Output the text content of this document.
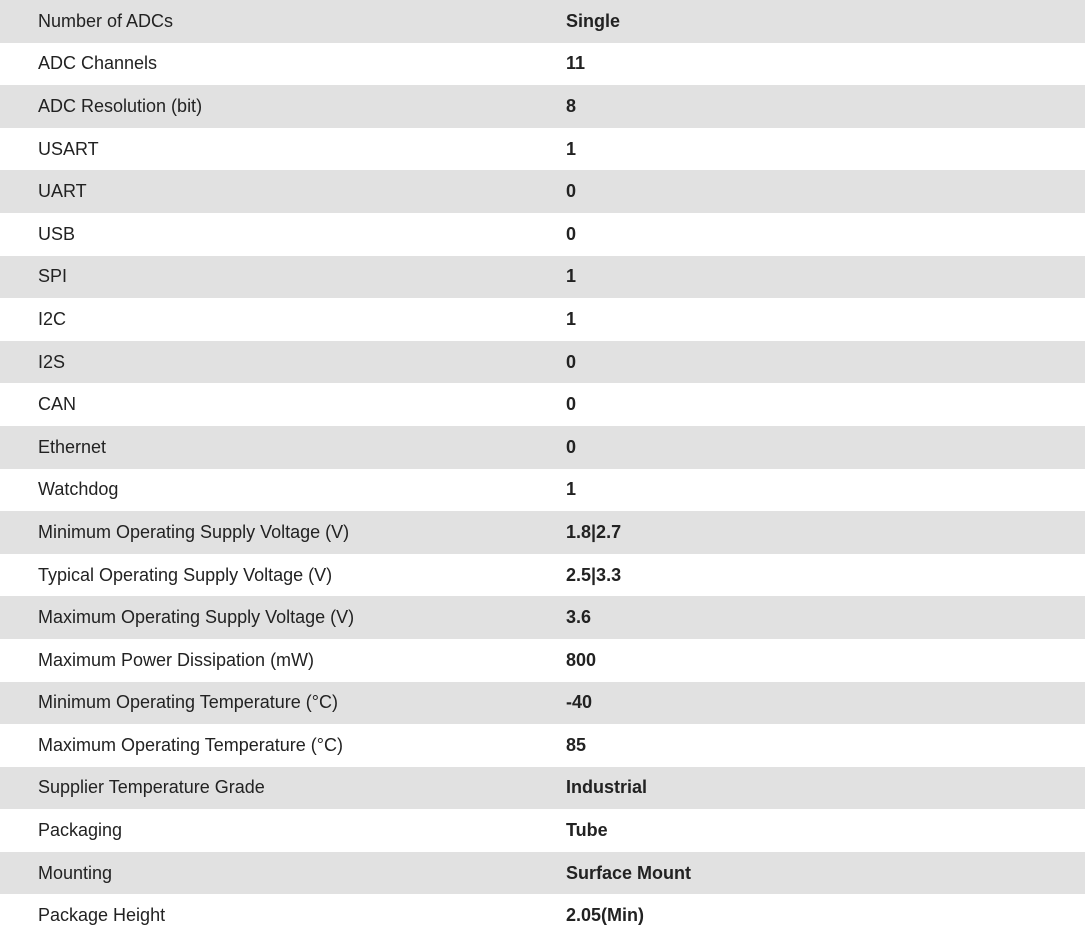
Number of ADCs	Single
ADC Channels	11
ADC Resolution (bit)	8
USART	1
UART	0
USB	0
SPI	1
I2C	1
I2S	0
CAN	0
Ethernet	0
Watchdog	1
Minimum Operating Supply Voltage (V)	1.8|2.7
Typical Operating Supply Voltage (V)	2.5|3.3
Maximum Operating Supply Voltage (V)	3.6
Maximum Power Dissipation (mW)	800
Minimum Operating Temperature (°C)	-40
Maximum Operating Temperature (°C)	85
Supplier Temperature Grade	Industrial
Packaging	Tube
Mounting	Surface Mount
Package Height	2.05(Min)
